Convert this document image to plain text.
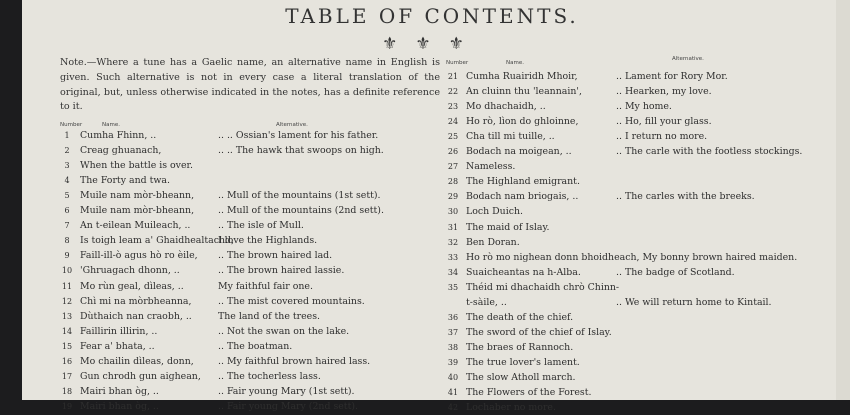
TABLE OF CONTENTS.
⚜⚜⚜
Note.—Where a tune has a Gaelic name, an alternative name in English is given. Such alternative is not in every case a literal translation of the original, but, unless otherwise indicated in the notes, has a definite reference to it.
Number	Name.	Alternative.
Number	Name.
Alternative.
1	Cumha Fhinn, ..	.. .. Ossian's lament for his father.
2	Creag ghuanach,	.. .. The hawk that swoops on high.
3	When the battle is over.
4	The Forty and twa.
5	Muile nam mòr-bheann,	.. Mull of the mountains (1st sett).
6	Muile nam mòr-bheann,	.. Mull of the mountains (2nd sett).
7	An t-eilean Muileach, ..	.. The isle of Mull.
8	Is toigh leam a' Ghaidhealtachd,
I love the Highlands.
9	Faill-ill-ò agus hò ro èile, .. The brown haired lad.
10 'Ghruagach dhonn, ..	.. The brown haired lassie.
11 Mo rùn geal, dìleas, ..	My faithful fair one.
12 Chì mi na mòrbheanna,	.. The mist covered mountains.
13 Dùthaich nan craobh, ..	The land of the trees.
14 Faillirin illirin, ..	.. Not the swan on the lake.
15 Fear a' bhata, ..	.. The boatman.
16 Mo chailin dìleas, donn,	.. My faithful brown haired lass.
17 Gun chrodh gun aighean, .. The tocherless lass.
18 Mairi bhan òg, ..	.. Fair young Mary (1st sett).
19 Mairi bhan òg, ..	.. Fair young Mary (2nd sett).
21 Cumha Ruairidh Mhoir,	.. Lament for Rory Mor.
22 An cluinn thu 'leannain',	.. Hearken, my love.
23 Mo dhachaidh, ..	.. My home.
24 Ho rò, lìon do ghloinne,	.. Ho, fill your glass.
25 Cha till mi tuille, ..	.. I return no more.
26 Bodach na moigean, ..	.. The carle with the footless stockings.
27 Nameless.
28 The Highland emigrant.
29 Bodach nam briogais, ..	.. The carles with the breeks.
30 Loch Duich.
31 The maid of Islay.
32 Ben Doran.
33 Ho rò mo nighean donn bhoidheach, My bonny brown haired maiden.
34 Suaicheantas na h-Alba.	.. The badge of Scotland.
35 Théid mi dhachaidh chrò Chinn-
t-sàile, ..	.. We will return home to Kintail.
36 The death of the chief.
37 The sword of the chief of Islay.
38 The braes of Rannoch.
39 The true lover's lament.
40 The slow Atholl march.
41 The Flowers of the Forest.
42 Lochaber no more.
